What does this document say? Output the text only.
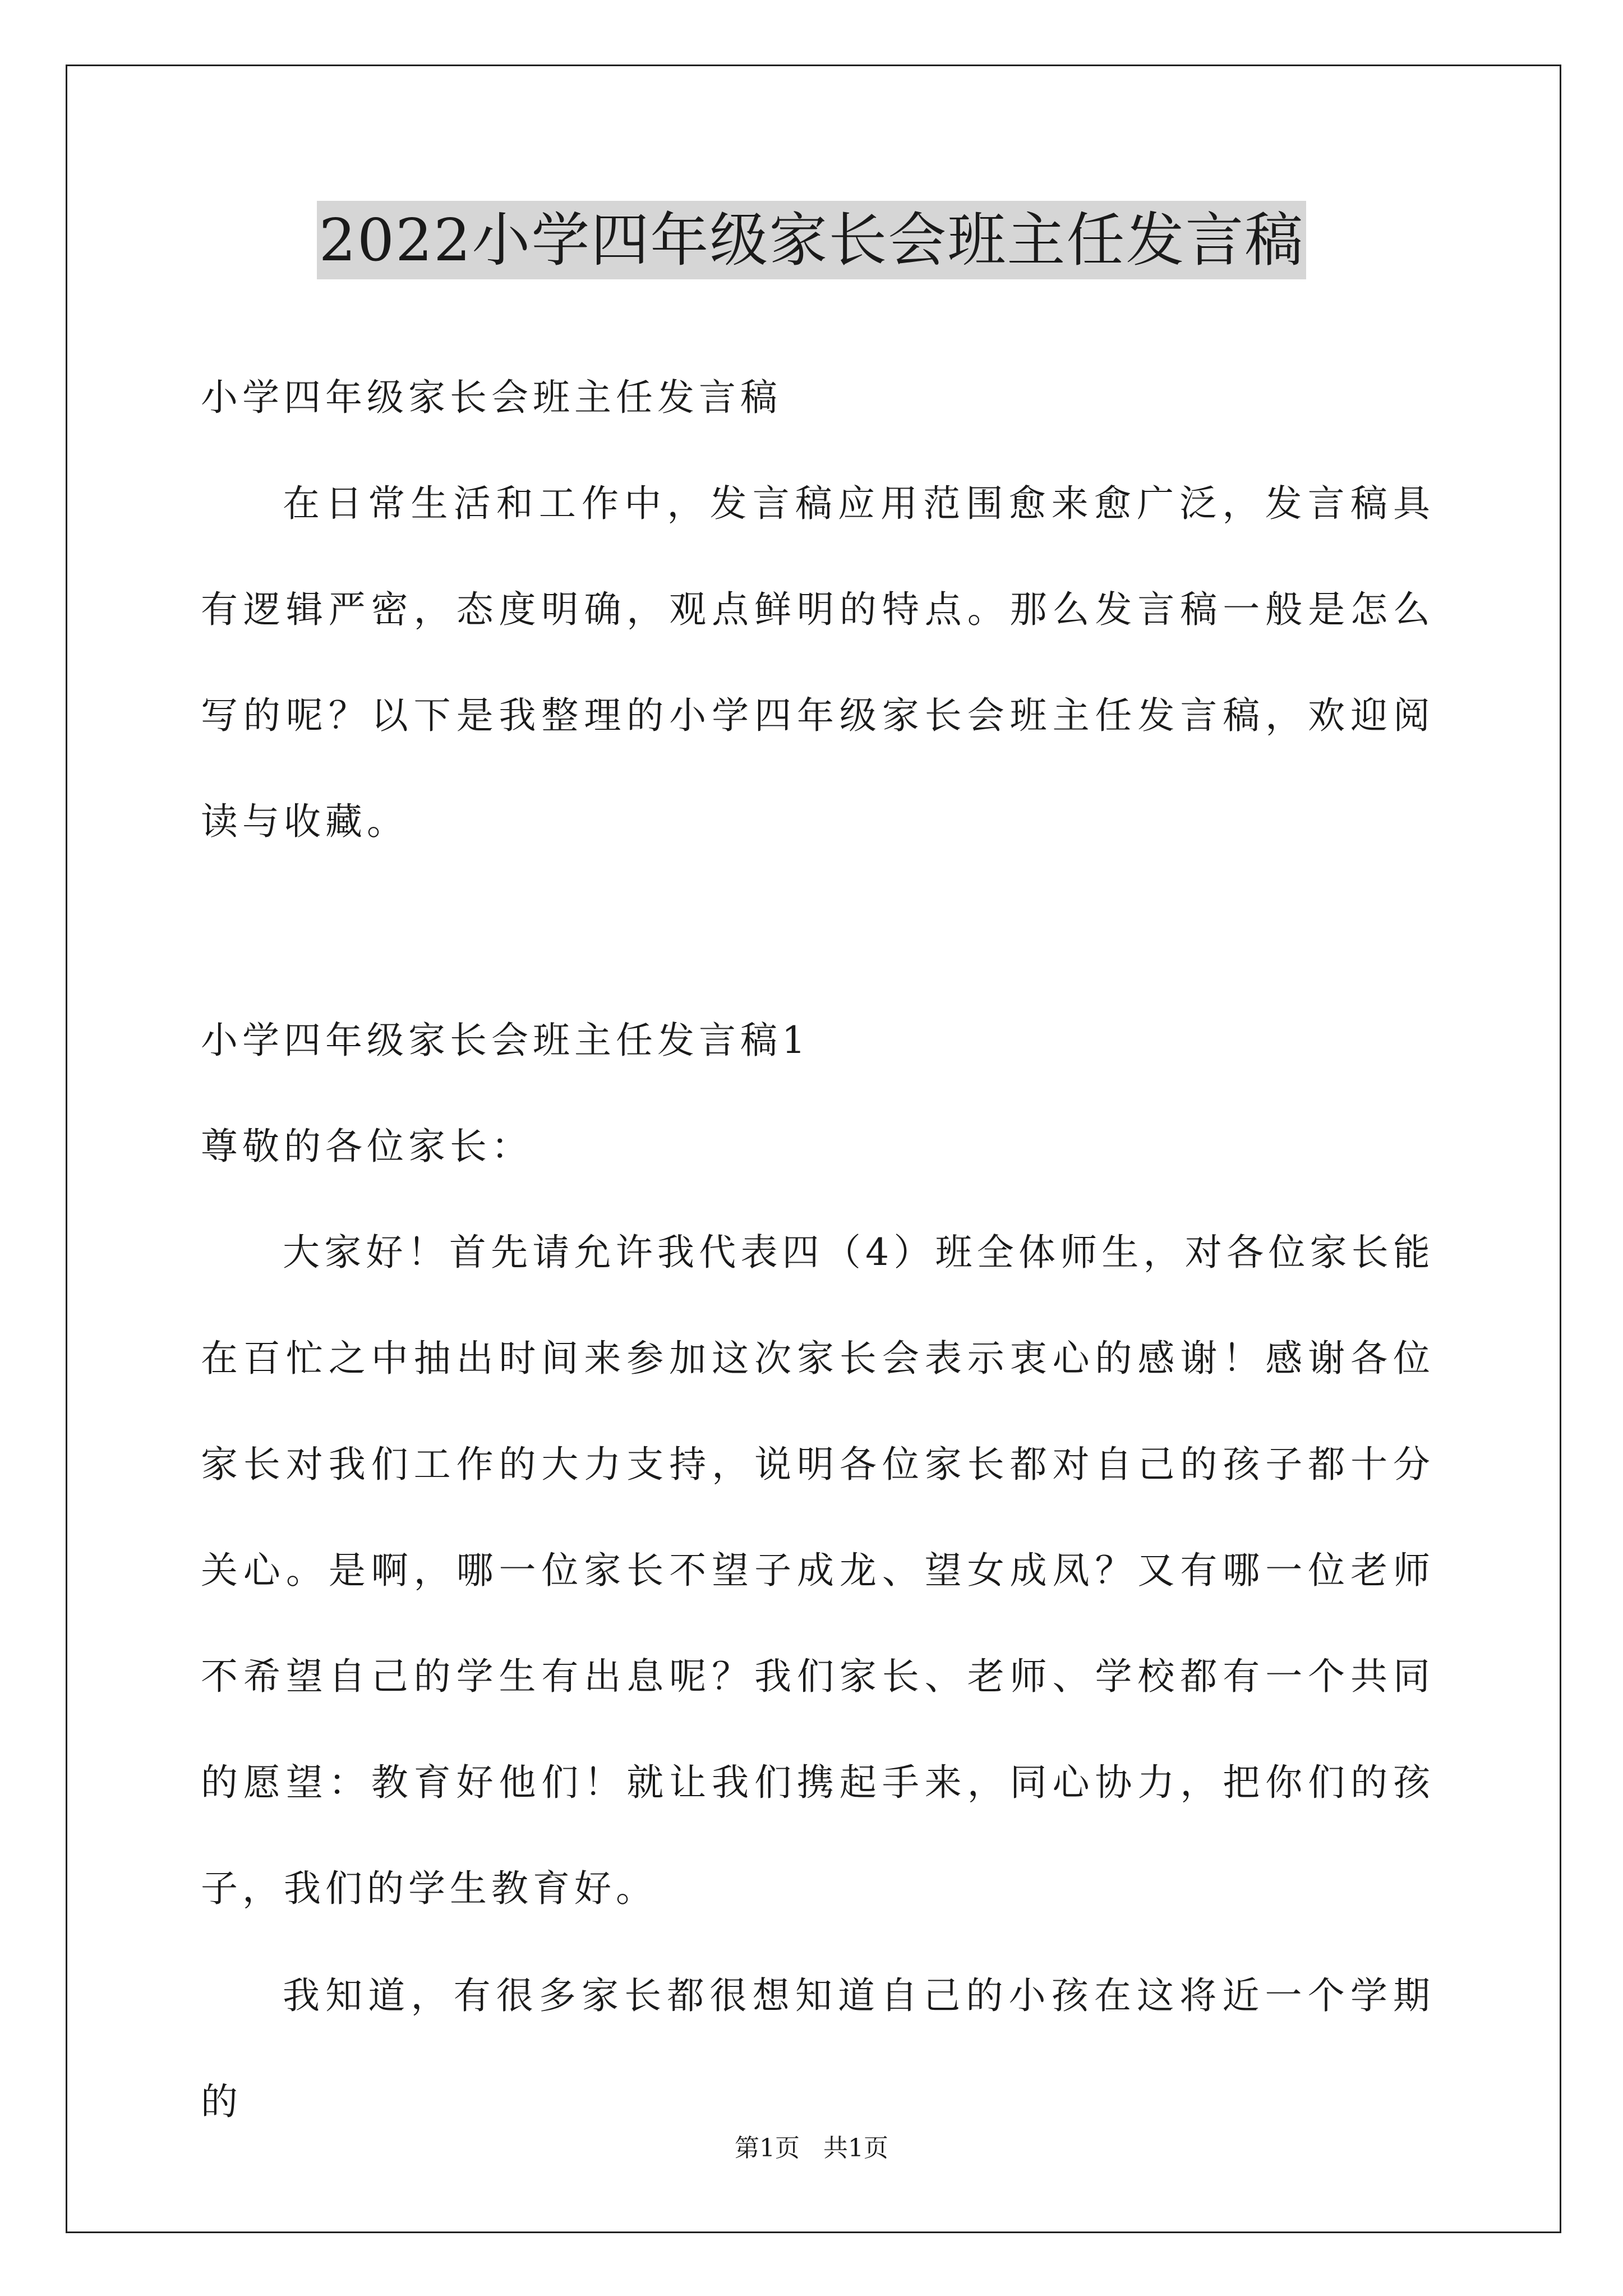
2022小学四年级家长会班主任发言稿

小学四年级家长会班主任发言稿

在日常生活和工作中，发言稿应用范围愈来愈广泛，发言稿具有逻辑严密，态度明确，观点鲜明的特点。那么发言稿一般是怎么写的呢？以下是我整理的小学四年级家长会班主任发言稿，欢迎阅读与收藏。

小学四年级家长会班主任发言稿1

尊敬的各位家长：

大家好！首先请允许我代表四（4）班全体师生，对各位家长能在百忙之中抽出时间来参加这次家长会表示衷心的感谢！感谢各位家长对我们工作的大力支持，说明各位家长都对自己的孩子都十分关心。是啊，哪一位家长不望子成龙、望女成凤？又有哪一位老师不希望自己的学生有出息呢？我们家长、老师、学校都有一个共同的愿望：教育好他们！就让我们携起手来，同心协力，把你们的孩子，我们的学生教育好。

我知道，有很多家长都很想知道自己的小孩在这将近一个学期的

第1页   共1页
